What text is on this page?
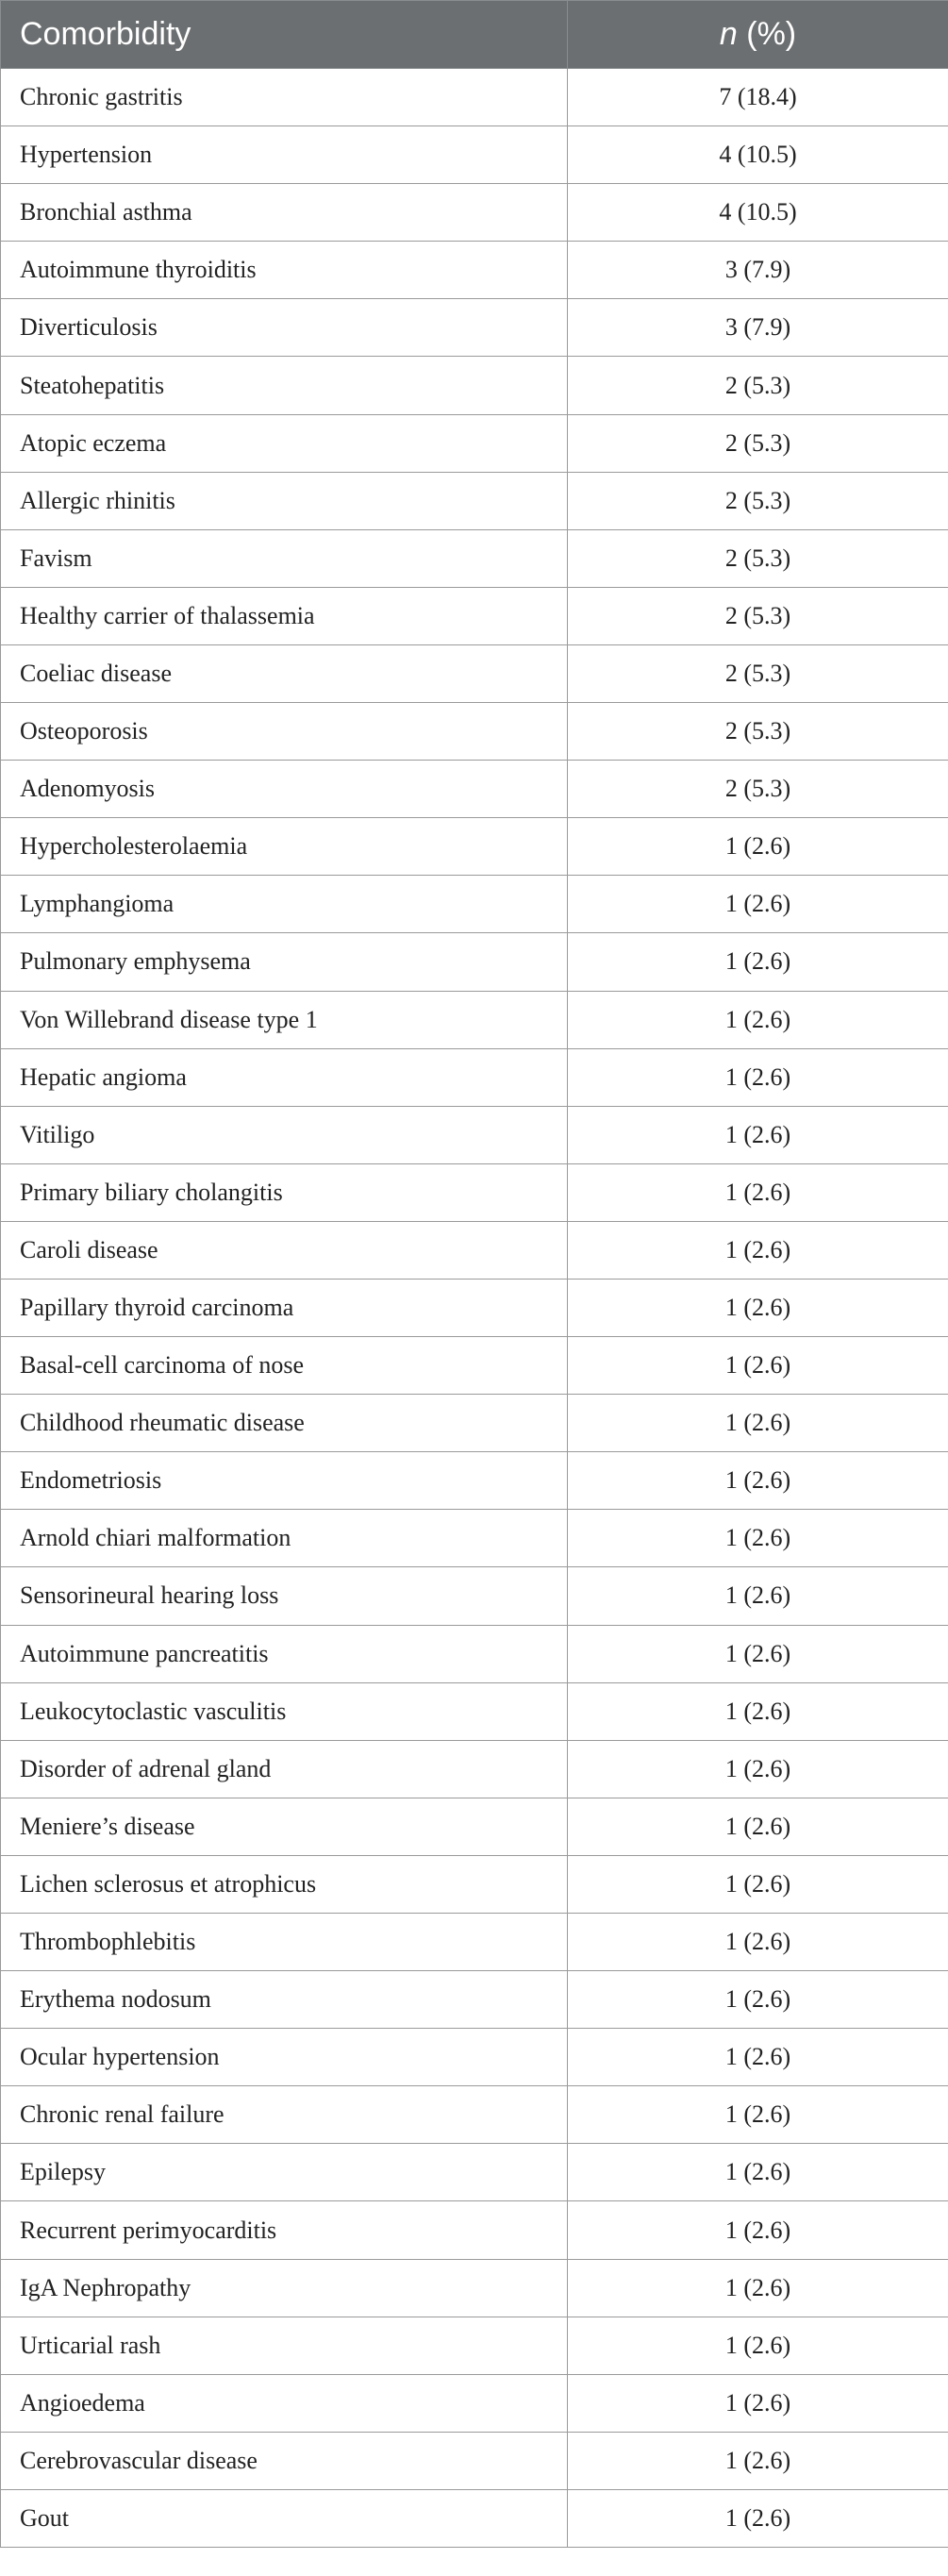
Comorbidity	n (%)
Chronic gastritis	7 (18.4)
Hypertension	4 (10.5)
Bronchial asthma	4 (10.5)
Autoimmune thyroiditis	3 (7.9)
Diverticulosis	3 (7.9)
Steatohepatitis	2 (5.3)
Atopic eczema	2 (5.3)
Allergic rhinitis	2 (5.3)
Favism	2 (5.3)
Healthy carrier of thalassemia	2 (5.3)
Coeliac disease	2 (5.3)
Osteoporosis	2 (5.3)
Adenomyosis	2 (5.3)
Hypercholesterolaemia	1 (2.6)
Lymphangioma	1 (2.6)
Pulmonary emphysema	1 (2.6)
Von Willebrand disease type 1	1 (2.6)
Hepatic angioma	1 (2.6)
Vitiligo	1 (2.6)
Primary biliary cholangitis	1 (2.6)
Caroli disease	1 (2.6)
Papillary thyroid carcinoma	1 (2.6)
Basal-cell carcinoma of nose	1 (2.6)
Childhood rheumatic disease	1 (2.6)
Endometriosis	1 (2.6)
Arnold chiari malformation	1 (2.6)
Sensorineural hearing loss	1 (2.6)
Autoimmune pancreatitis	1 (2.6)
Leukocytoclastic vasculitis	1 (2.6)
Disorder of adrenal gland	1 (2.6)
Meniere’s disease	1 (2.6)
Lichen sclerosus et atrophicus	1 (2.6)
Thrombophlebitis	1 (2.6)
Erythema nodosum	1 (2.6)
Ocular hypertension	1 (2.6)
Chronic renal failure	1 (2.6)
Epilepsy	1 (2.6)
Recurrent perimyocarditis	1 (2.6)
IgA Nephropathy	1 (2.6)
Urticarial rash	1 (2.6)
Angioedema	1 (2.6)
Cerebrovascular disease	1 (2.6)
Gout	1 (2.6)
